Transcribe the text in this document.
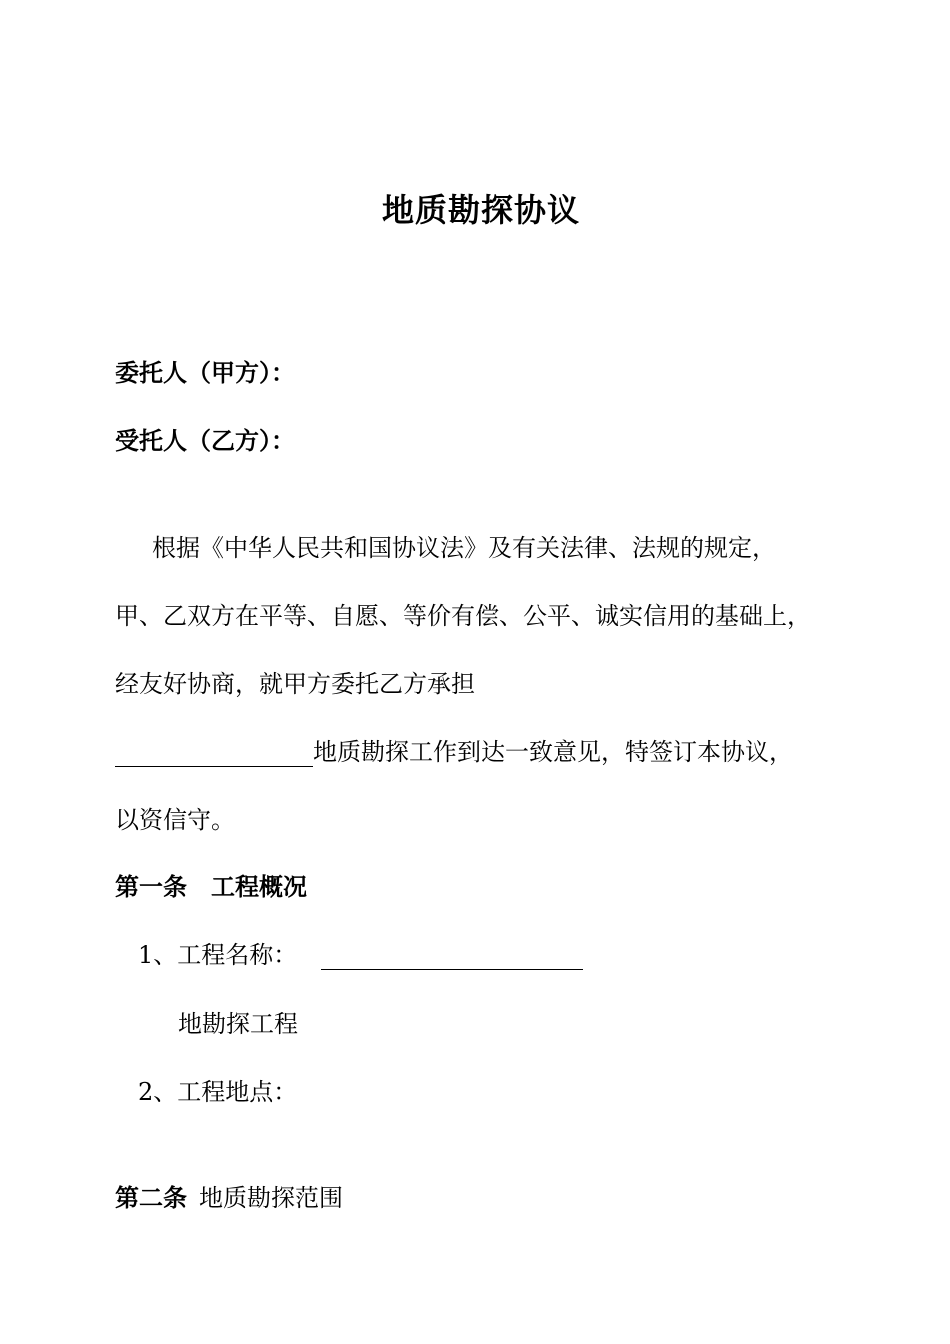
地质勘探协议
委托人（甲方）：
受托人（乙方）：
根据《中华人民共和国协议法》及有关法律、法规的规定，
甲、乙双方在平等、自愿、等价有偿、公平、诚实信用的基础上，
经友好协商，就甲方委托乙方承担
地质勘探工作到达一致意见，特签订本协议，
以资信守。
第一条 工程概况
1、工程名称：
地勘探工程
2、工程地点：
第二条 地质勘探范围
